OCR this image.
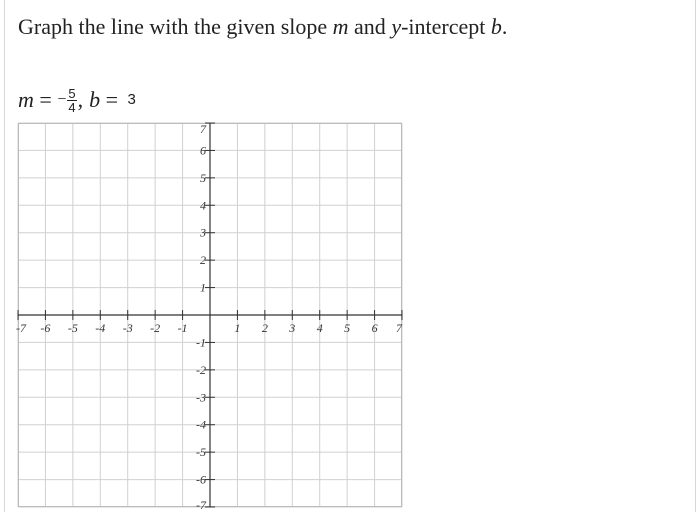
Graph the line with the given slope m and y-intercept b.
m = − $\frac{5}{4}$ , b = 3
-7 -6 -5 -4 -3 -2 -1	1 2 3 4 5 6 7
7
6
5
4
3
2
1
-1
-2
-3
-4
-5
-6
-7
